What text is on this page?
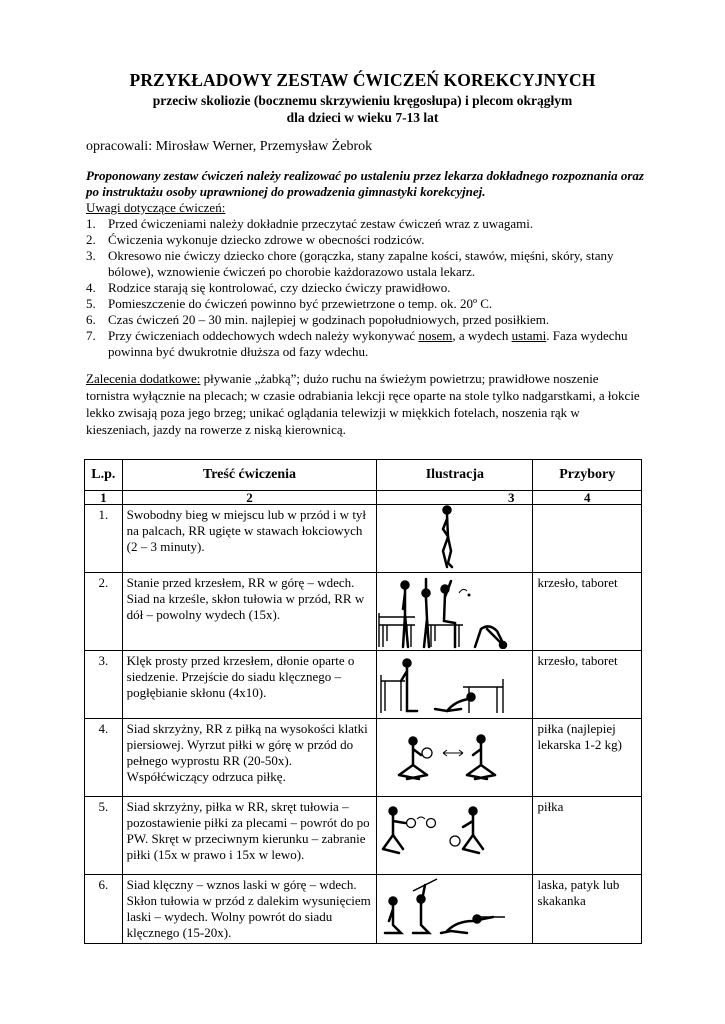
PRZYKŁADOWY ZESTAW ĆWICZEŃ KOREKCYJNYCH
przeciw skoliozie (bocznemu skrzywieniu kręgosłupa) i plecom okrągłym
dla dzieci w wieku 7-13 lat
opracowali: Mirosław Werner, Przemysław Żebrok
Proponowany zestaw ćwiczeń należy realizować po ustaleniu przez lekarza dokładnego rozpoznania oraz po instruktażu osoby uprawnionej do prowadzenia gimnastyki korekcyjnej.
Uwagi dotyczące ćwiczeń:
1. Przed ćwiczeniami należy dokładnie przeczytać zestaw ćwiczeń wraz z uwagami.
2. Ćwiczenia wykonuje dziecko zdrowe w obecności rodziców.
3. Okresowo nie ćwiczy dziecko chore (gorączka, stany zapalne kości, stawów, mięśni, skóry, stany bólowe), wznowienie ćwiczeń po chorobie każdorazowo ustala lekarz.
4. Rodzice starają się kontrolować, czy dziecko ćwiczy prawidłowo.
5. Pomieszczenie do ćwiczeń powinno być przewietrzone o temp. ok. 20º C.
6. Czas ćwiczeń 20 – 30 min. najlepiej w godzinach popołudniowych, przed posiłkiem.
7. Przy ćwiczeniach oddechowych wdech należy wykonywać nosem, a wydech ustami. Faza wydechu powinna być dwukrotnie dłuższa od fazy wdechu.
Zalecenia dodatkowe: pływanie „żabką”; dużo ruchu na świeżym powietrzu; prawidłowe noszenie tornistra wyłącznie na plecach; w czasie odrabiania lekcji ręce oparte na stole tylko nadgarstkami, a łokcie lekko zwisają poza jego brzeg; unikać oglądania telewizji w miękkich fotelach, noszenia rąk w kieszeniach, jazdy na rowerze z niską kierownicą.
L.p.	Treść ćwiczenia	Ilustracja	Przybory
1	2	3	4
1.	Swobodny bieg w miejscu lub w przód i w tył na palcach, RR ugięte w stawach łokciowych (2 – 3 minuty).	

2.	Stanie przed krzesłem, RR w górę – wdech. Siad na krześle, skłon tułowia w przód, RR w dół – powolny wydech (15x).		krzesło, taboret
3.	Klęk prosty przed krzesłem, dłonie oparte o siedzenie. Przejście do siadu klęcznego – pogłębianie skłonu (4x10).		krzesło, taboret
4.	Siad skrzyżny, RR z piłką na wysokości klatki piersiowej. Wyrzut piłki w górę w przód do pełnego wyprostu RR (20-50x). Współćwiczący odrzuca piłkę.		piłka (najlepiej lekarska 1-2 kg)
5.	Siad skrzyżny, piłka w RR, skręt tułowia – pozostawienie piłki za plecami – powrót do po PW. Skręt w przeciwnym kierunku – zabranie piłki (15x w prawo i 15x w lewo).		piłka
6.	Siad klęczny – wznos laski w górę – wdech. Skłon tułowia w przód z dalekim wysunięciem laski – wydech. Wolny powrót do siadu klęcznego (15-20x).		laska, patyk lub skakanka
